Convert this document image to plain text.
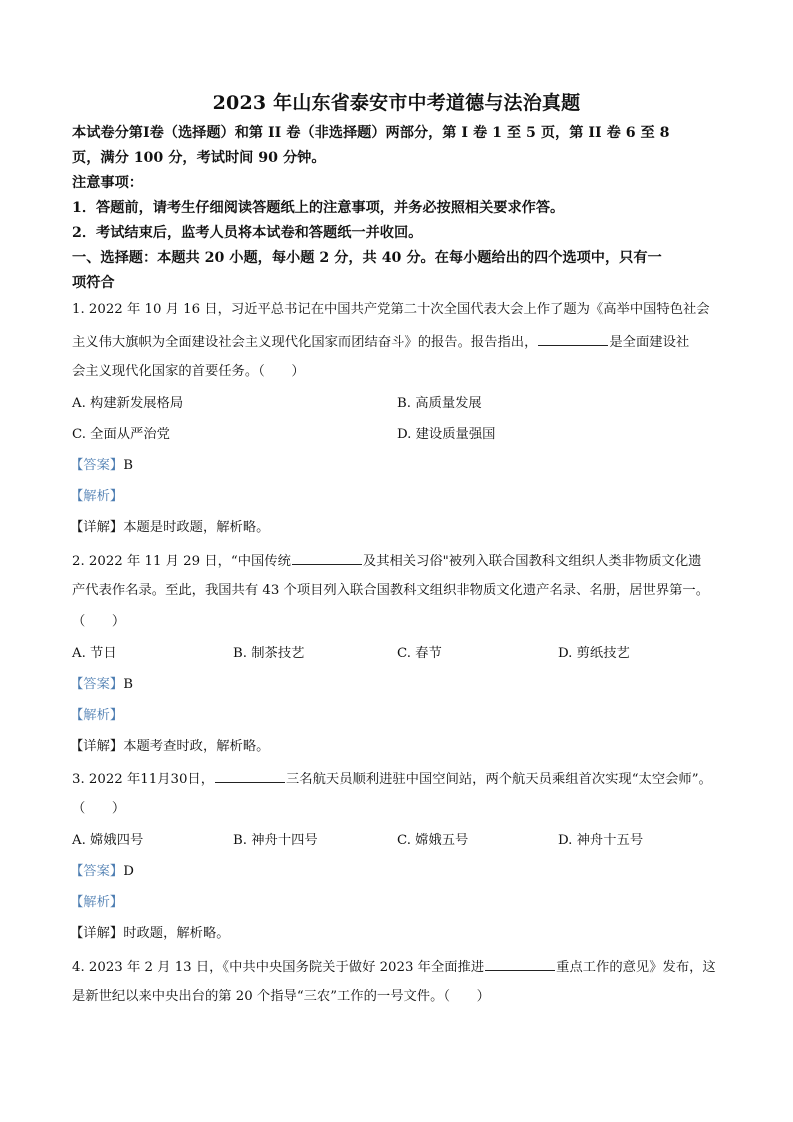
2023 年山东省泰安市中考道德与法治真题
本试卷分第Ⅰ卷（选择题）和第 II 卷（非选择题）两部分，第 I 卷 1 至 5 页，第 II 卷 6 至 8
页，满分 100 分，考试时间 90 分钟。
注意事项：
1．答题前，请考生仔细阅读答题纸上的注意事项，并务必按照相关要求作答。
2．考试结束后，监考人员将本试卷和答题纸一并收回。
一、选择题：本题共 20 小题，每小题 2 分，共 40 分。在每小题给出的四个选项中，只有一
项符合
1. 2022 年 10 月 16 日，习近平总书记在中国共产党第二十次全国代表大会上作了题为《高举中国特色社会
主义伟大旗帜为全面建设社会主义现代化国家而团结奋斗》的报告。报告指出，	是全面建设社
会主义现代化国家的首要任务。（　　）
A. 构建新发展格局	B. 高质量发展
C. 全面从严治党	D. 建设质量强国
【答案】B
【解析】
【详解】本题是时政题，解析略。
2. 2022 年 11 月 29 日，“中国传统	及其相关习俗"被列入联合国教科文组织人类非物质文化遗
产代表作名录。至此，我国共有 43 个项目列入联合国教科文组织非物质文化遗产名录、名册，居世界第一。
（　　）
A. 节日	B. 制茶技艺	C. 春节	D. 剪纸技艺
【答案】B
【解析】
【详解】本题考查时政，解析略。
3. 2022 年11月30日，	三名航天员顺利进驻中国空间站，两个航天员乘组首次实现“太空会师”。
（　　）
A. 嫦娥四号	B. 神舟十四号	C. 嫦娥五号	D. 神舟十五号
【答案】D
【解析】
【详解】时政题，解析略。
4. 2023 年 2 月 13 日，《中共中央国务院关于做好 2023 年全面推进	重点工作的意见》发布，这
是新世纪以来中央出台的第 20 个指导“三农”工作的一号文件。（　　）
